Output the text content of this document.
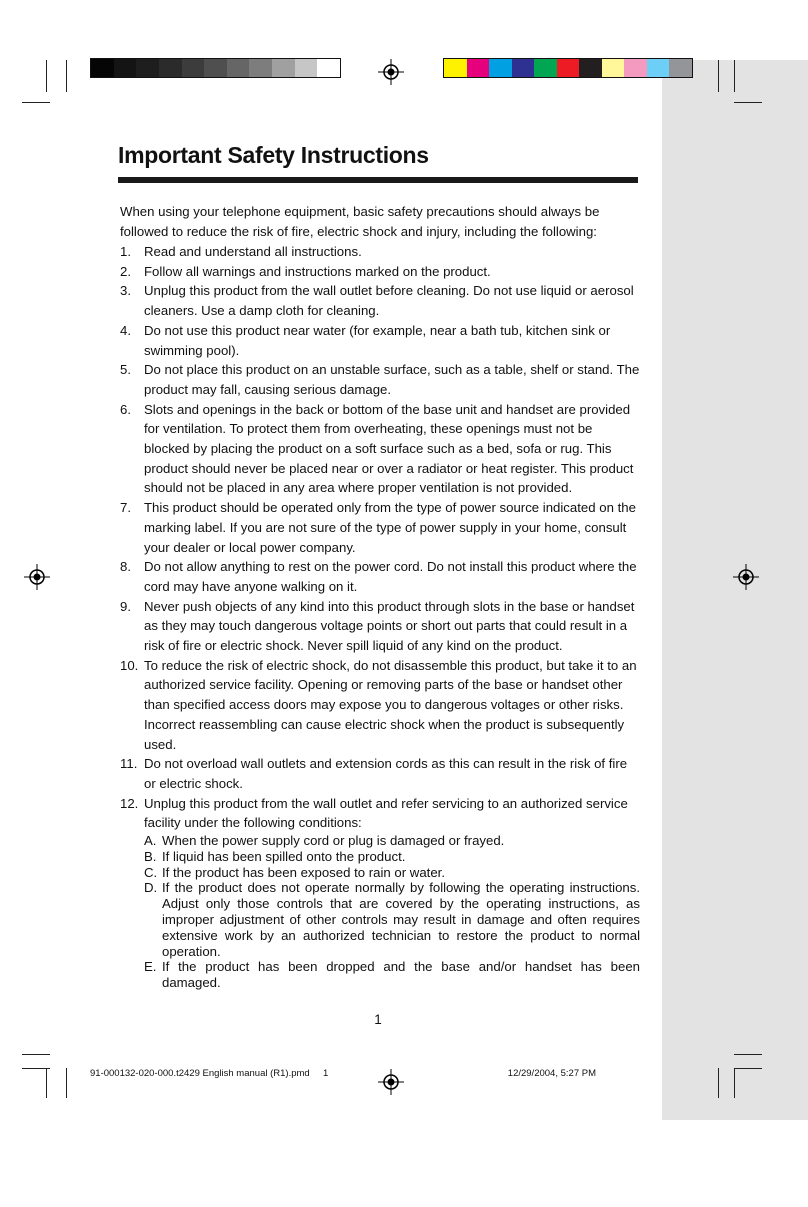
Important Safety Instructions

When using your telephone equipment, basic safety precautions should always be followed to reduce the risk of fire, electric shock and injury, including the following:

1. Read and understand all instructions.
2. Follow all warnings and instructions marked on the product.
3. Unplug this product from the wall outlet before cleaning. Do not use liquid or aerosol cleaners. Use a damp cloth for cleaning.
4. Do not use this product near water (for example, near a bath tub, kitchen sink or swimming pool).
5. Do not place this product on an unstable surface, such as a table, shelf or stand. The product may fall, causing serious damage.
6. Slots and openings in the back or bottom of the base unit and handset are provided for ventilation. To protect them from overheating, these openings must not be blocked by placing the product on a soft surface such as a bed, sofa or rug. This product should never be placed near or over a radiator or heat register. This product should not be placed in any area where proper ventilation is not provided.
7. This product should be operated only from the type of power source indicated on the marking label. If you are not sure of the type of power supply in your home, consult your dealer or local power company.
8. Do not allow anything to rest on the power cord. Do not install this product where the cord may have anyone walking on it.
9. Never push objects of any kind into this product through slots in the base or handset as they may touch dangerous voltage points or short out parts that could result in a risk of fire or electric shock. Never spill liquid of any kind on the product.
10. To reduce the risk of electric shock, do not disassemble this product, but take it to an authorized service facility. Opening or removing parts of the base or handset other than specified access doors may expose you to dangerous voltages or other risks. Incorrect reassembling can cause electric shock when the product is subsequently used.
11. Do not overload wall outlets and extension cords as this can result in the risk of fire or electric shock.
12. Unplug this product from the wall outlet and refer servicing to an authorized service facility under the following conditions:
A. When the power supply cord or plug is damaged or frayed.
B. If liquid has been spilled onto the product.
C. If the product has been exposed to rain or water.
D. If the product does not operate normally by following the operating instructions. Adjust only those controls that are covered by the operating instructions, as improper adjustment of other controls may result in damage and often requires extensive work by an authorized technician to restore the product to normal operation.
E. If the product has been dropped and the base and/or handset has been damaged.
1
91-000132-020-000.t2429 English manual (R1).pmd 1	12/29/2004, 5:27 PM
